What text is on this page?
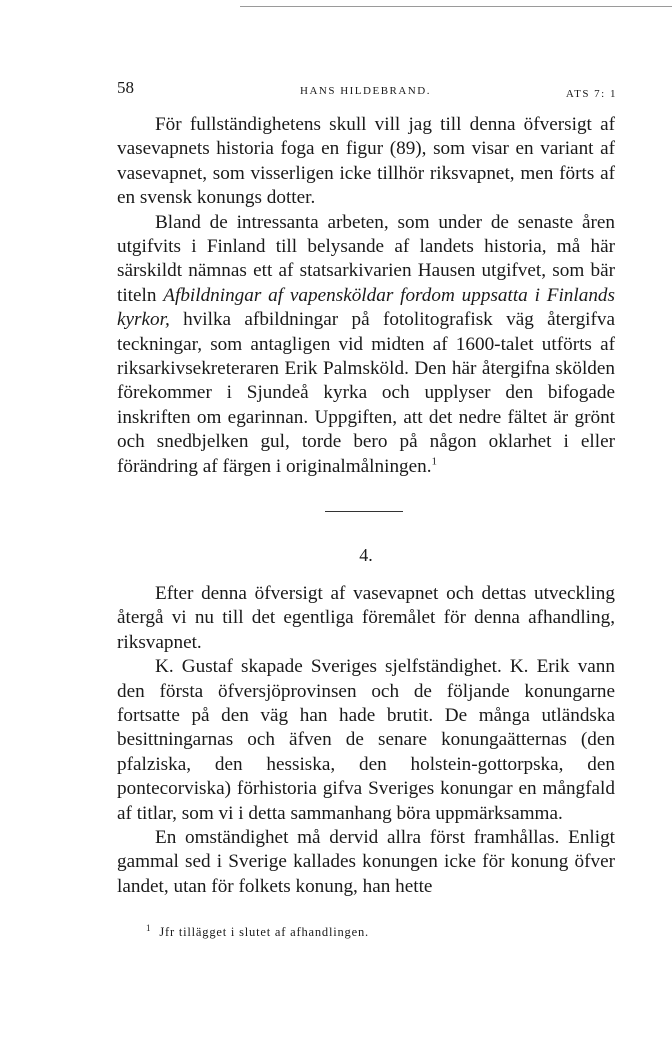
58	HANS HILDEBRAND.	ATS 7: 1

För fullständighetens skull vill jag till denna öfversigt af vasevapnets historia foga en figur (89), som visar en variant af vasevapnet, som visserligen icke tillhör riksvapnet, men förts af en svensk konungs dotter.

Bland de intressanta arbeten, som under de senaste åren utgifvits i Finland till belysande af landets historia, må här särskildt nämnas ett af statsarkivarien Hausen utgifvet, som bär titeln Afbildningar af vapensköldar fordom uppsatta i Finlands kyrkor, hvilka afbildningar på fotolitografisk väg återgifva teckningar, som antagligen vid midten af 1600-talet utförts af riksarkivsekreteraren Erik Palmsköld. Den här återgifna skölden förekommer i Sjundeå kyrka och upplyser den bifogade inskriften om egarinnan. Uppgiften, att det nedre fältet är grönt och snedbjelken gul, torde bero på någon oklarhet i eller förändring af färgen i originalmålningen.$^1$

4.

Efter denna öfversigt af vasevapnet och dettas utveckling återgå vi nu till det egentliga föremålet för denna afhandling, riksvapnet.

K. Gustaf skapade Sveriges sjelfständighet. K. Erik vann den första öfversjöprovinsen och de följande konungarne fortsatte på den väg han hade brutit. De många utländska besittningarnas och äfven de senare konungaätternas (den pfalziska, den hessiska, den holstein-gottorpska, den pontecorviska) förhistoria gifva Sveriges konungar en mångfald af titlar, som vi i detta sammanhang böra uppmärksamma.

En omständighet må dervid allra först framhållas. Enligt gammal sed i Sverige kallades konungen icke för konung öfver landet, utan för folkets konung, han hette

$^1$ Jfr tillägget i slutet af afhandlingen.
